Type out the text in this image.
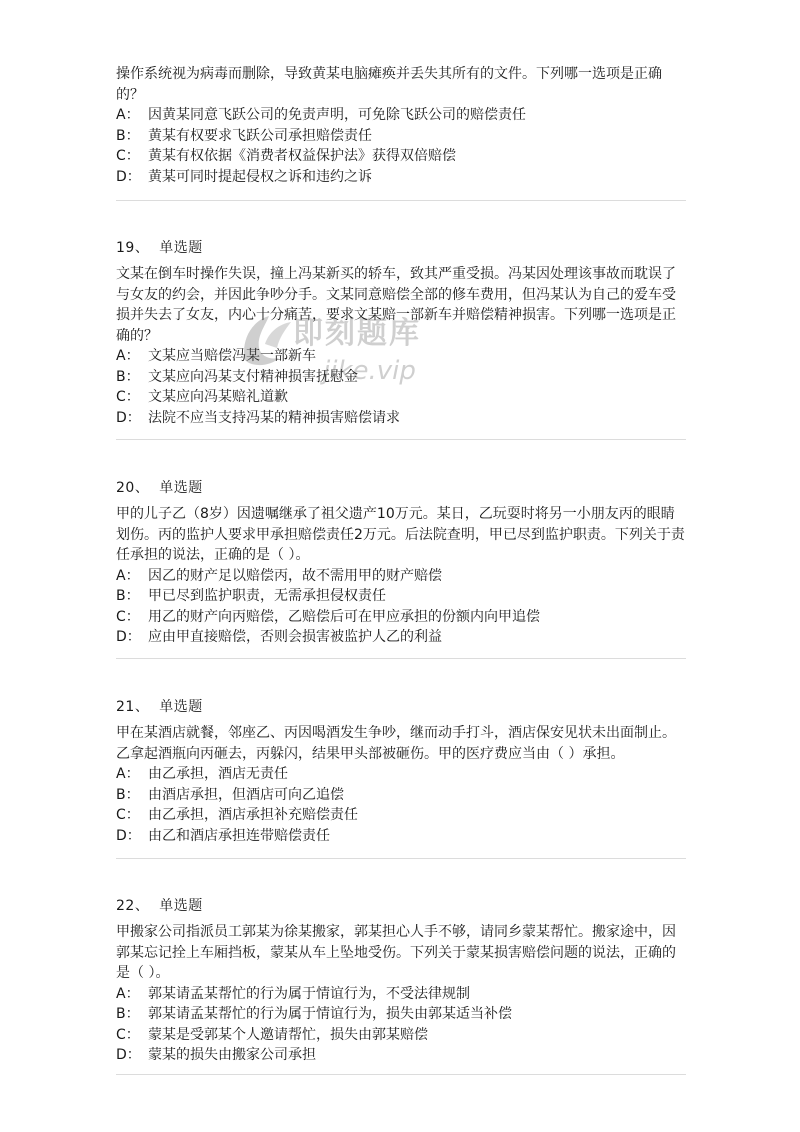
操作系统视为病毒而删除，导致黄某电脑瘫痪并丢失其所有的文件。下列哪一选项是正确的？

A： 因黄某同意飞跃公司的免责声明，可免除飞跃公司的赔偿责任

B： 黄某有权要求飞跃公司承担赔偿责任

C： 黄某有权依据《消费者权益保护法》获得双倍赔偿

D： 黄某可同时提起侵权之诉和违约之诉

19、 单选题

文某在倒车时操作失误，撞上冯某新买的轿车，致其严重受损。冯某因处理该事故而耽误了与女友的约会，并因此争吵分手。文某同意赔偿全部的修车费用，但冯某认为自己的爱车受损并失去了女友，内心十分痛苦，要求文某赔一部新车并赔偿精神损害。下列哪一选项是正确的？

A： 文某应当赔偿冯某一部新车

B： 文某应向冯某支付精神损害抚慰金

C： 文某应向冯某赔礼道歉

D： 法院不应当支持冯某的精神损害赔偿请求

20、 单选题

甲的儿子乙（8岁）因遗嘱继承了祖父遗产10万元。某日，乙玩耍时将另一小朋友丙的眼睛划伤。丙的监护人要求甲承担赔偿责任2万元。后法院查明，甲已尽到监护职责。下列关于责任承担的说法，正确的是（ ）。

A： 因乙的财产足以赔偿丙，故不需用甲的财产赔偿

B： 甲已尽到监护职责，无需承担侵权责任

C： 用乙的财产向丙赔偿，乙赔偿后可在甲应承担的份额内向甲追偿

D： 应由甲直接赔偿，否则会损害被监护人乙的利益

21、 单选题

甲在某酒店就餐，邻座乙、丙因喝酒发生争吵，继而动手打斗，酒店保安见状未出面制止。乙拿起酒瓶向丙砸去，丙躲闪，结果甲头部被砸伤。甲的医疗费应当由（ ）承担。

A： 由乙承担，酒店无责任

B： 由酒店承担，但酒店可向乙追偿

C： 由乙承担，酒店承担补充赔偿责任

D： 由乙和酒店承担连带赔偿责任

22、 单选题

甲搬家公司指派员工郭某为徐某搬家，郭某担心人手不够，请同乡蒙某帮忙。搬家途中，因郭某忘记拴上车厢挡板，蒙某从车上坠地受伤。下列关于蒙某损害赔偿问题的说法，正确的是（ ）。

A： 郭某请孟某帮忙的行为属于情谊行为，不受法律规制

B： 郭某请孟某帮忙的行为属于情谊行为，损失由郭某适当补偿

C： 蒙某是受郭某个人邀请帮忙，损失由郭某赔偿

D： 蒙某的损失由搬家公司承担

即刻题库
jike.vip
